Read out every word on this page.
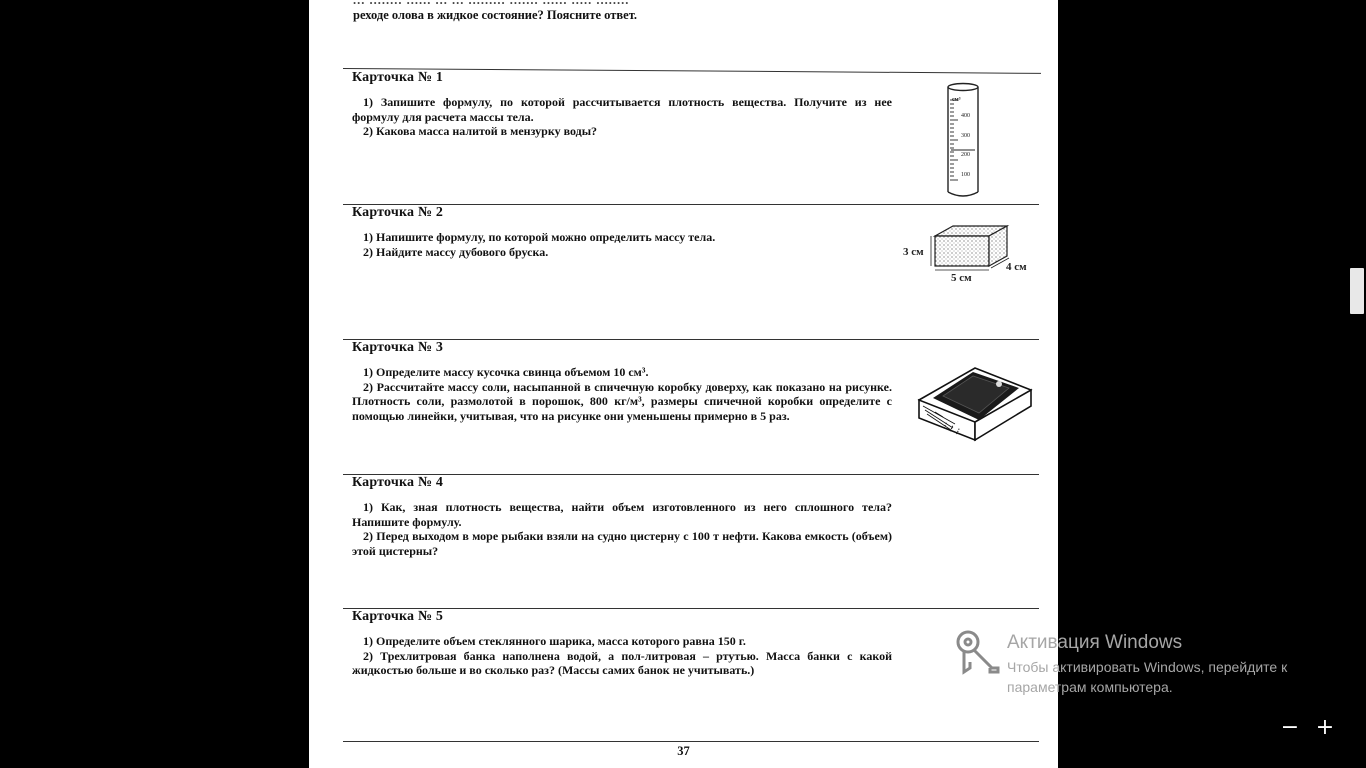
... ........ ...... ... ... ......... ....... ...... ..... ........
реходе олова в жидкое состояние? Поясните ответ.
Карточка № 1

1) Запишите формулу, по которой рассчитывается плотность вещества. Получите из нее формулу для расчета массы тела.

2) Какова масса налитой в мензурку воды?

см³
400
300
200
100
Карточка № 2

1) Напишите формулу, по которой можно определить массу тела.

2) Найдите массу дубового бруска.	3 см
5 см
4 см
Карточка № 3

1) Определите массу кусочка свинца объемом 10 см³.

2) Рассчитайте массу соли, насыпанной в спичечную коробку доверху, как показано на рисунке. Плотность соли, размолотой в порошок, 800 кг/м³, размеры спичечной коробки определите с помощью линейки, учитывая, что на рисунке они уменьшены примерно в 5 раз.

⋮⋮⋮
Карточка № 4

1) Как, зная плотность вещества, найти объем изготовленного из него сплошного тела? Напишите формулу.

2) Перед выходом в море рыбаки взяли на судно цистерну с 100 т нефти. Какова емкость (объем) этой цистерны?

Карточка № 5

1) Определите объем стеклянного шарика, масса которого равна 150 г.

2) Трехлитровая банка наполнена водой, а пол-литровая – ртутью. Масса банки с какой жидкостью больше и во сколько раз? (Массы самих банок не учитывать.)

37
Активация Windows
Чтобы активировать Windows, перейдите к параметрам компьютера.
− +
